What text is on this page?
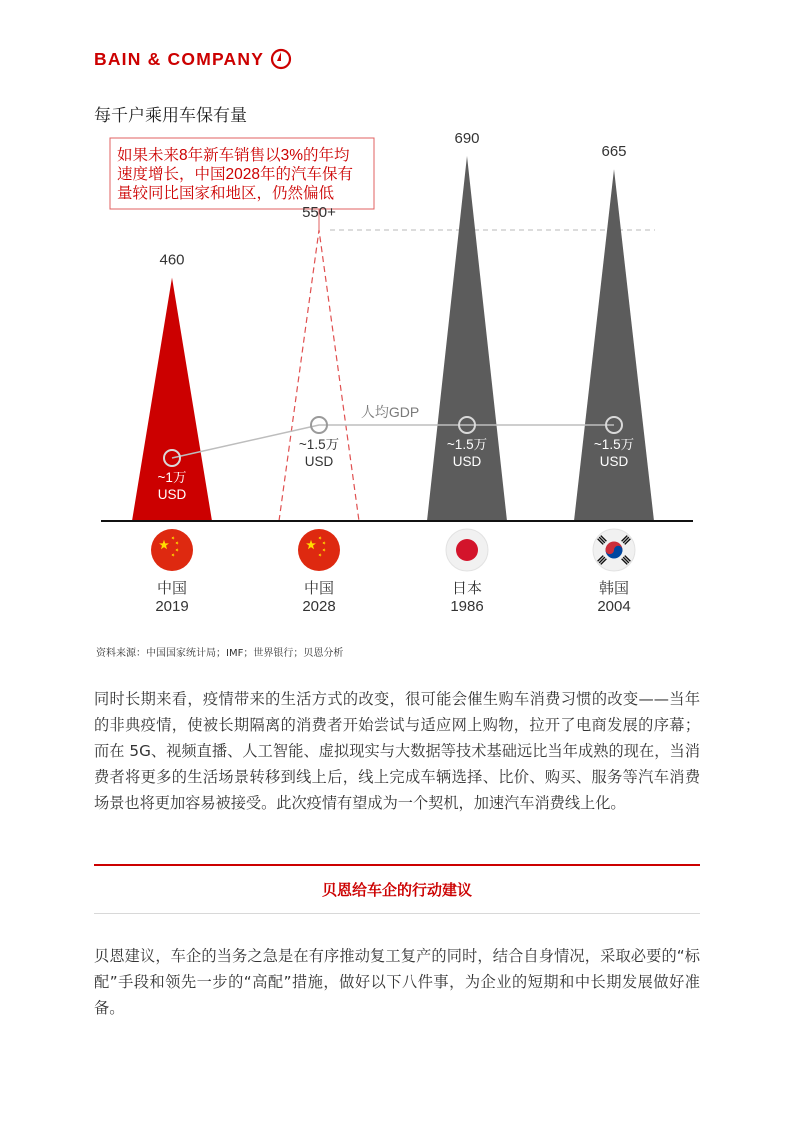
BAIN & COMPANY
每千户乘用车保有量
如果未来8年新车销售以3%的年均
速度增长，中国2028年的汽车保有
量较同比国家和地区，仍然偏低
460
550+
690
665
人均GDP
~1万
USD
~1.5万
USD
~1.5万
USD
~1.5万
USD
中国
2019
中国
2028
日本
1986
韩国
2004
资料来源：中国国家统计局；IMF；世界银行；贝恩分析

同时长期来看，疫情带来的生活方式的改变，很可能会催生购车消费习惯的改变——当年的非典疫情，使被长期隔离的消费者开始尝试与适应网上购物，拉开了电商发展的序幕；而在 5G、视频直播、人工智能、虚拟现实与大数据等技术基础远比当年成熟的现在，当消费者将更多的生活场景转移到线上后，线上完成车辆选择、比价、购买、服务等汽车消费场景也将更加容易被接受。此次疫情有望成为一个契机，加速汽车消费线上化。

贝恩给车企的行动建议

贝恩建议，车企的当务之急是在有序推动复工复产的同时，结合自身情况，采取必要的“标配”手段和领先一步的“高配”措施，做好以下八件事，为企业的短期和中长期发展做好准备。
